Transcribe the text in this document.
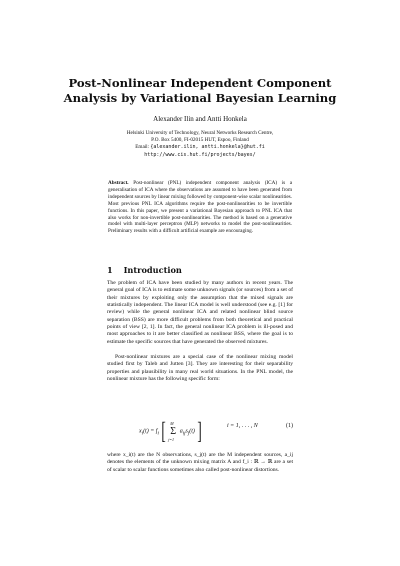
Post-Nonlinear Independent Component
Analysis by Variational Bayesian Learning
Alexander Ilin and Antti Honkela
Helsinki University of Technology, Neural Networks Research Centre,
P.O. Box 5400, FI-02015 HUT, Espoo, Finland
Email: {alexander.ilin, antti.honkela}@hut.fi
http://www.cis.hut.fi/projects/bayes/
Abstract. Post-nonlinear (PNL) independent component analysis (ICA) is a generalisation of ICA where the observations are assumed to have been generated from independent sources by linear mixing followed by component-wise scalar nonlinearities. Most previous PNL ICA algorithms require the post-nonlinearities to be invertible functions. In this paper, we present a variational Bayesian approach to PNL ICA that also works for non-invertible post-nonlinearities. The method is based on a generative model with multi-layer perceptron (MLP) networks to model the post-nonlinearities. Preliminary results with a difficult artificial example are encouraging.
1 Introduction
The problem of ICA have been studied by many authors in recent years. The general goal of ICA is to estimate some unknown signals (or sources) from a set of their mixtures by exploiting only the assumption that the mixed signals are statistically independent. The linear ICA model is well understood (see e.g. [1] for review) while the general nonlinear ICA and related nonlinear blind source separation (BSS) are more difficult problems from both theoretical and practical points of view [2, 1]. In fact, the general nonlinear ICA problem is ill-posed and most approaches to it are better classified as nonlinear BSS, where the goal is to estimate the specific sources that have generated the observed mixtures.
Post-nonlinear mixtures are a special case of the nonlinear mixing model studied first by Taleb and Jutten [3]. They are interesting for their separability properties and plausibility in many real world situations. In the PNL model, the nonlinear mixture has the following specific form:
$x_i(t) = f_i$ [ M
Σ
j=1
$a_{ij}s_j(t)$ ]	i = 1, . . . , N	(1)
where x_i(t) are the N observations, s_j(t) are the M independent sources, a_ij denotes the elements of the unknown mixing matrix A and f_i : ℝ → ℝ are a set of scalar to scalar functions sometimes also called post-nonlinear distortions.
